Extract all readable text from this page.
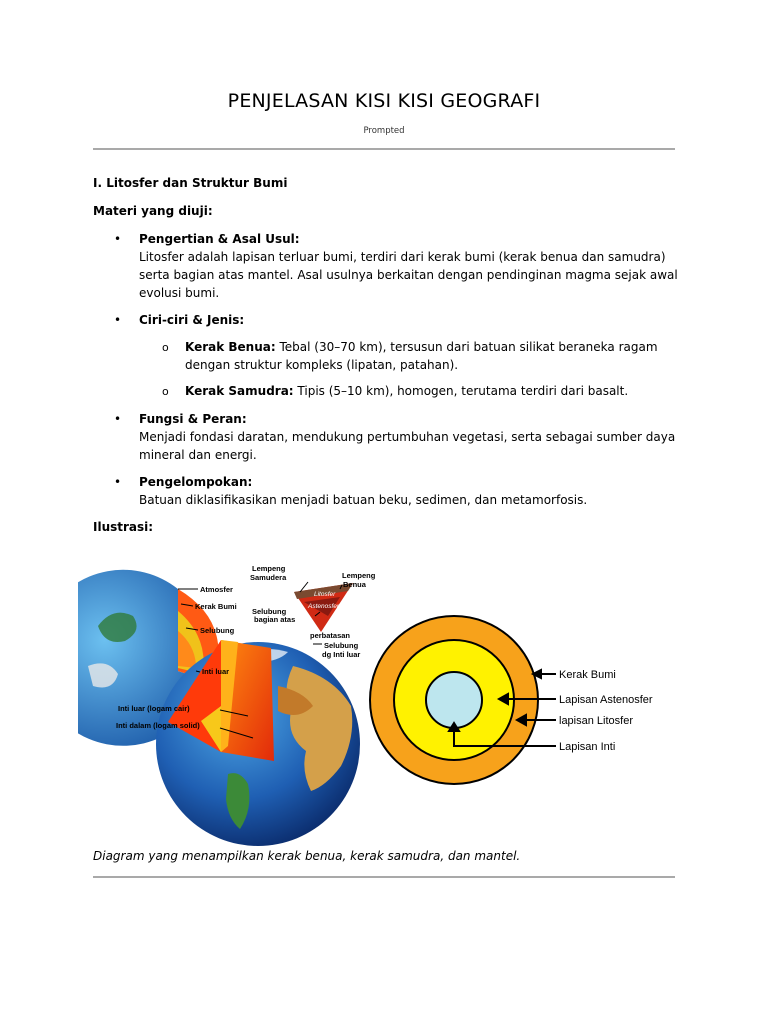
PENJELASAN KISI KISI GEOGRAFI
Prompted
I. Litosfer dan Struktur Bumi
Materi yang diuji:
• Pengertian & Asal Usul:
Litosfer adalah lapisan terluar bumi, terdiri dari kerak bumi (kerak benua dan samudra) serta bagian atas mantel. Asal usulnya berkaitan dengan pendinginan magma sejak awal evolusi bumi.
• Ciri-ciri & Jenis:
o Kerak Benua: Tebal (30–70 km), tersusun dari batuan silikat beraneka ragam dengan struktur kompleks (lipatan, patahan).
o Kerak Samudra: Tipis (5–10 km), homogen, terutama terdiri dari basalt.
• Fungsi & Peran:
Menjadi fondasi daratan, mendukung pertumbuhan vegetasi, serta sebagai sumber daya mineral dan energi.
• Pengelompokan:
Batuan diklasifikasikan menjadi batuan beku, sedimen, dan metamorfosis.
Ilustrasi:
Lempeng
Samudera	Lempeng
Benua
Atmosfer
Kerak Bumi
Selubung
Selubung
bagian atas
perbatasan
Selubung
dg Inti luar
Inti luar
Inti luar (logam cair)
Inti dalam (logam solid)
Litosfer
Astenosfer
Kerak Bumi
Lapisan Astenosfer
lapisan Litosfer
Lapisan Inti
Diagram yang menampilkan kerak benua, kerak samudra, dan mantel.
